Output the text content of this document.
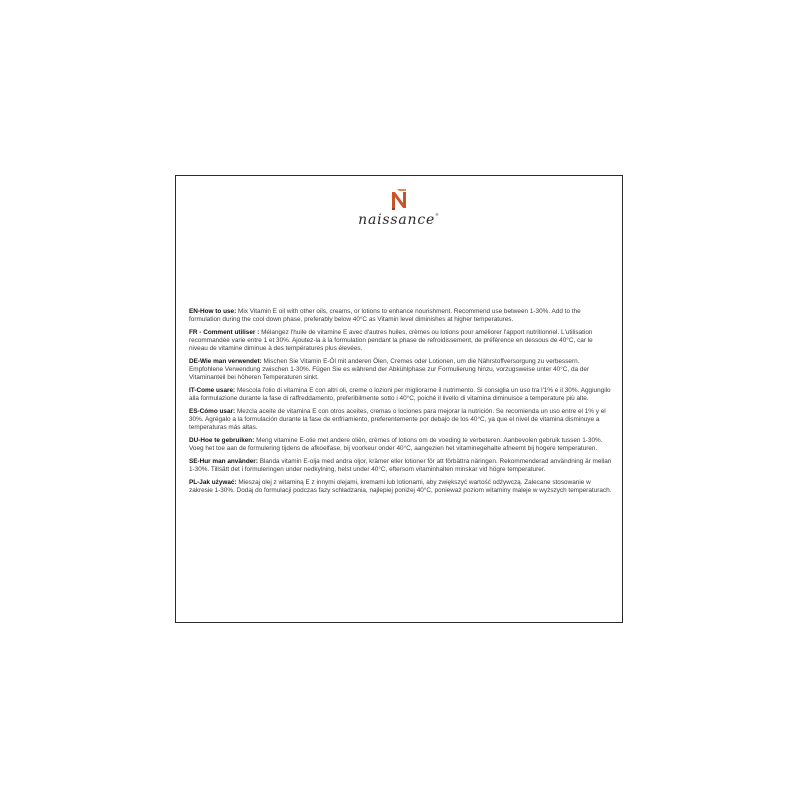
naissance®

EN-How to use: Mix Vitamin E oil with other oils, creams, or lotions to enhance nourishment. Recommend use between 1-30%. Add to the formulation during the cool down phase, preferably below 40°C as Vitamin level diminishes at higher temperatures.

FR - Comment utiliser : Mélangez l'huile de vitamine E avec d'autres huiles, crèmes ou lotions pour améliorer l'apport nutritionnel. L'utilisation recommandée varie entre 1 et 30%. Ajoutez-la à la formulation pendant la phase de refroidissement, de préférence en dessous de 40°C, car le niveau de vitamine diminue à des températures plus élevées.

DE-Wie man verwendet: Mischen Sie Vitamin E-Öl mit anderen Ölen, Cremes oder Lotionen, um die Nährstoffversorgung zu verbessern. Empfohlene Verwendung zwischen 1-30%. Fügen Sie es während der Abkühlphase zur Formulierung hinzu, vorzugsweise unter 40°C, da der Vitaminanteil bei höheren Temperaturen sinkt.

IT-Come usare: Mescola l'olio di vitamina E con altri oli, creme o lozioni per migliorarne il nutrimento. Si consiglia un uso tra l'1% e il 30%. Aggiungilo alla formulazione durante la fase di raffreddamento, preferibilmente sotto i 40°C, poiché il livello di vitamina diminuisce a temperature più alte.

ES-Cómo usar: Mezcla aceite de vitamina E con otros aceites, cremas o lociones para mejorar la nutrición. Se recomienda un uso entre el 1% y el 30%. Agrégalo a la formulación durante la fase de enfriamiento, preferentemente por debajo de los 40°C, ya que el nivel de vitamina disminuye a temperaturas más altas.

DU-Hoe te gebruiken: Meng vitamine E-olie met andere oliën, crèmes of lotions om de voeding te verbeteren. Aanbevolen gebruik tussen 1-30%. Voeg het toe aan de formulering tijdens de afkoelfase, bij voorkeur onder 40°C, aangezien het vitaminegehalte afneemt bij hogere temperaturen.

SE-Hur man använder: Blanda vitamin E-olja med andra oljor, krämer eller lotioner för att förbättra näringen. Rekommenderad användning är mellan 1-30%. Tillsätt det i formuleringen under nedkylning, helst under 40°C, eftersom vitaminhalten minskar vid högre temperaturer.

PL-Jak używać: Mieszaj olej z witaminą E z innymi olejami, kremami lub lotionami, aby zwiększyć wartość odżywczą. Zalecane stosowanie w zakresie 1-30%. Dodaj do formulacji podczas fazy schładzania, najlepiej poniżej 40°C, ponieważ poziom witaminy maleje w wyższych temperaturach.
